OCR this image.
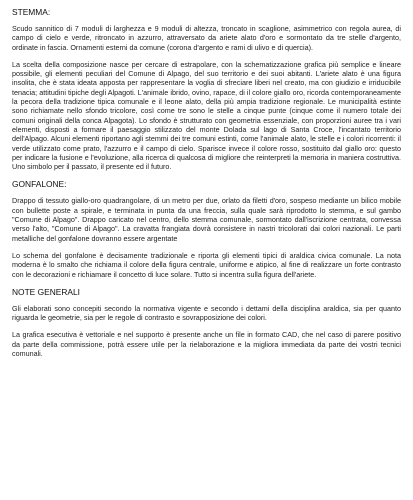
STEMMA:

Scudo sannitico di 7 moduli di larghezza e 9 moduli di altezza, troncato in scaglione, asimmetrico con regola aurea, di campo di cielo e verde, ritroncato in azzurro, attraversato da ariete alato d'oro e sormontato da tre stelle d'argento, ordinate in fascia. Ornamenti esterni da comune (corona d'argento e rami di ulivo e di quercia).

La scelta della composizione nasce per cercare di estrapolare, con la schematizzazione grafica più semplice e lineare possibile, gli elementi peculiari del Comune di Alpago, del suo territorio e dei suoi abitanti. L'ariete alato è una figura insolita, che è stata ideata apposta per rappresentare la voglia di sfreciare liberi nel creato, ma con giudizio e irriducibile tenacia; attitudini tipiche degli Alpagoti. L'animale ibrido, ovino, rapace, di il colore giallo oro, ricorda contemporaneamente la pecora della tradizione tipica comunale e il leone alato, della più ampia tradizione regionale. Le municipalità estinte sono richiamate nello sfondo tricolore, così come tre sono le stelle a cinque punte (cinque come il numero totale dei comuni originali della conca Alpagota). Lo sfondo è strutturato con geometria essenziale, con proporzioni auree tra i vari elementi, disposti a formare il paesaggio stilizzato del monte Dolada sul lago di Santa Croce, l'incantato territorio dell'Alpago. Alcuni elementi riportano agli stemmi dei tre comuni estinti, come l'animale alato, le stelle e i colori ricorrenti: il verde utilizzato come prato, l'azzurro e il campo di cielo. Sparisce invece il colore rosso, sostituito dal giallo oro: questo per indicare la fusione e l'evoluzione, alla ricerca di qualcosa di migliore che reinterpreti la memoria in maniera costruttiva. Uno simbolo per il passato, il presente ed il futuro.

GONFALONE:

Drappo di tessuto giallo-oro quadrangolare, di un metro per due, orlato da filetti d'oro, sospeso mediante un bilico mobile con bullette poste a spirale, e terminata in punta da una freccia, sulla quale sarà riprodotto lo stemma, e sul gambo "Comune di Alpago". Drappo caricato nel centro, dello stemma comunale, sormontato dall'iscrizione centrata, convessa verso l'alto, "Comune di Alpago". La cravatta frangiata dovrà consistere in nastri tricolorati dai colori nazionali. Le parti metalliche del gonfalone dovranno essere argentate

Lo schema del gonfalone è decisamente tradizionale e riporta gli elementi tipici di araldica civica comunale. La nota moderna è lo smalto che richiama il colore della figura centrale, uniforme e atipico, al fine di realizzare un forte contrasto con le decorazioni e richiamare il concetto di luce solare. Tutto si incentra sulla figura dell'ariete.

NOTE GENERALI

Gli elaborati sono concepiti secondo la normativa vigente e secondo i dettami della disciplina araldica, sia per quanto riguarda le geometrie, sia per le regole di contrasto e sovrapposizione dei colori.

La grafica esecutiva è vettoriale e nel supporto è presente anche un file in formato CAD, che nel caso di parere positivo da parte della commissione, potrà essere utile per la rielaborazione e la migliora immediata da parte dei vostri tecnici comunali.
